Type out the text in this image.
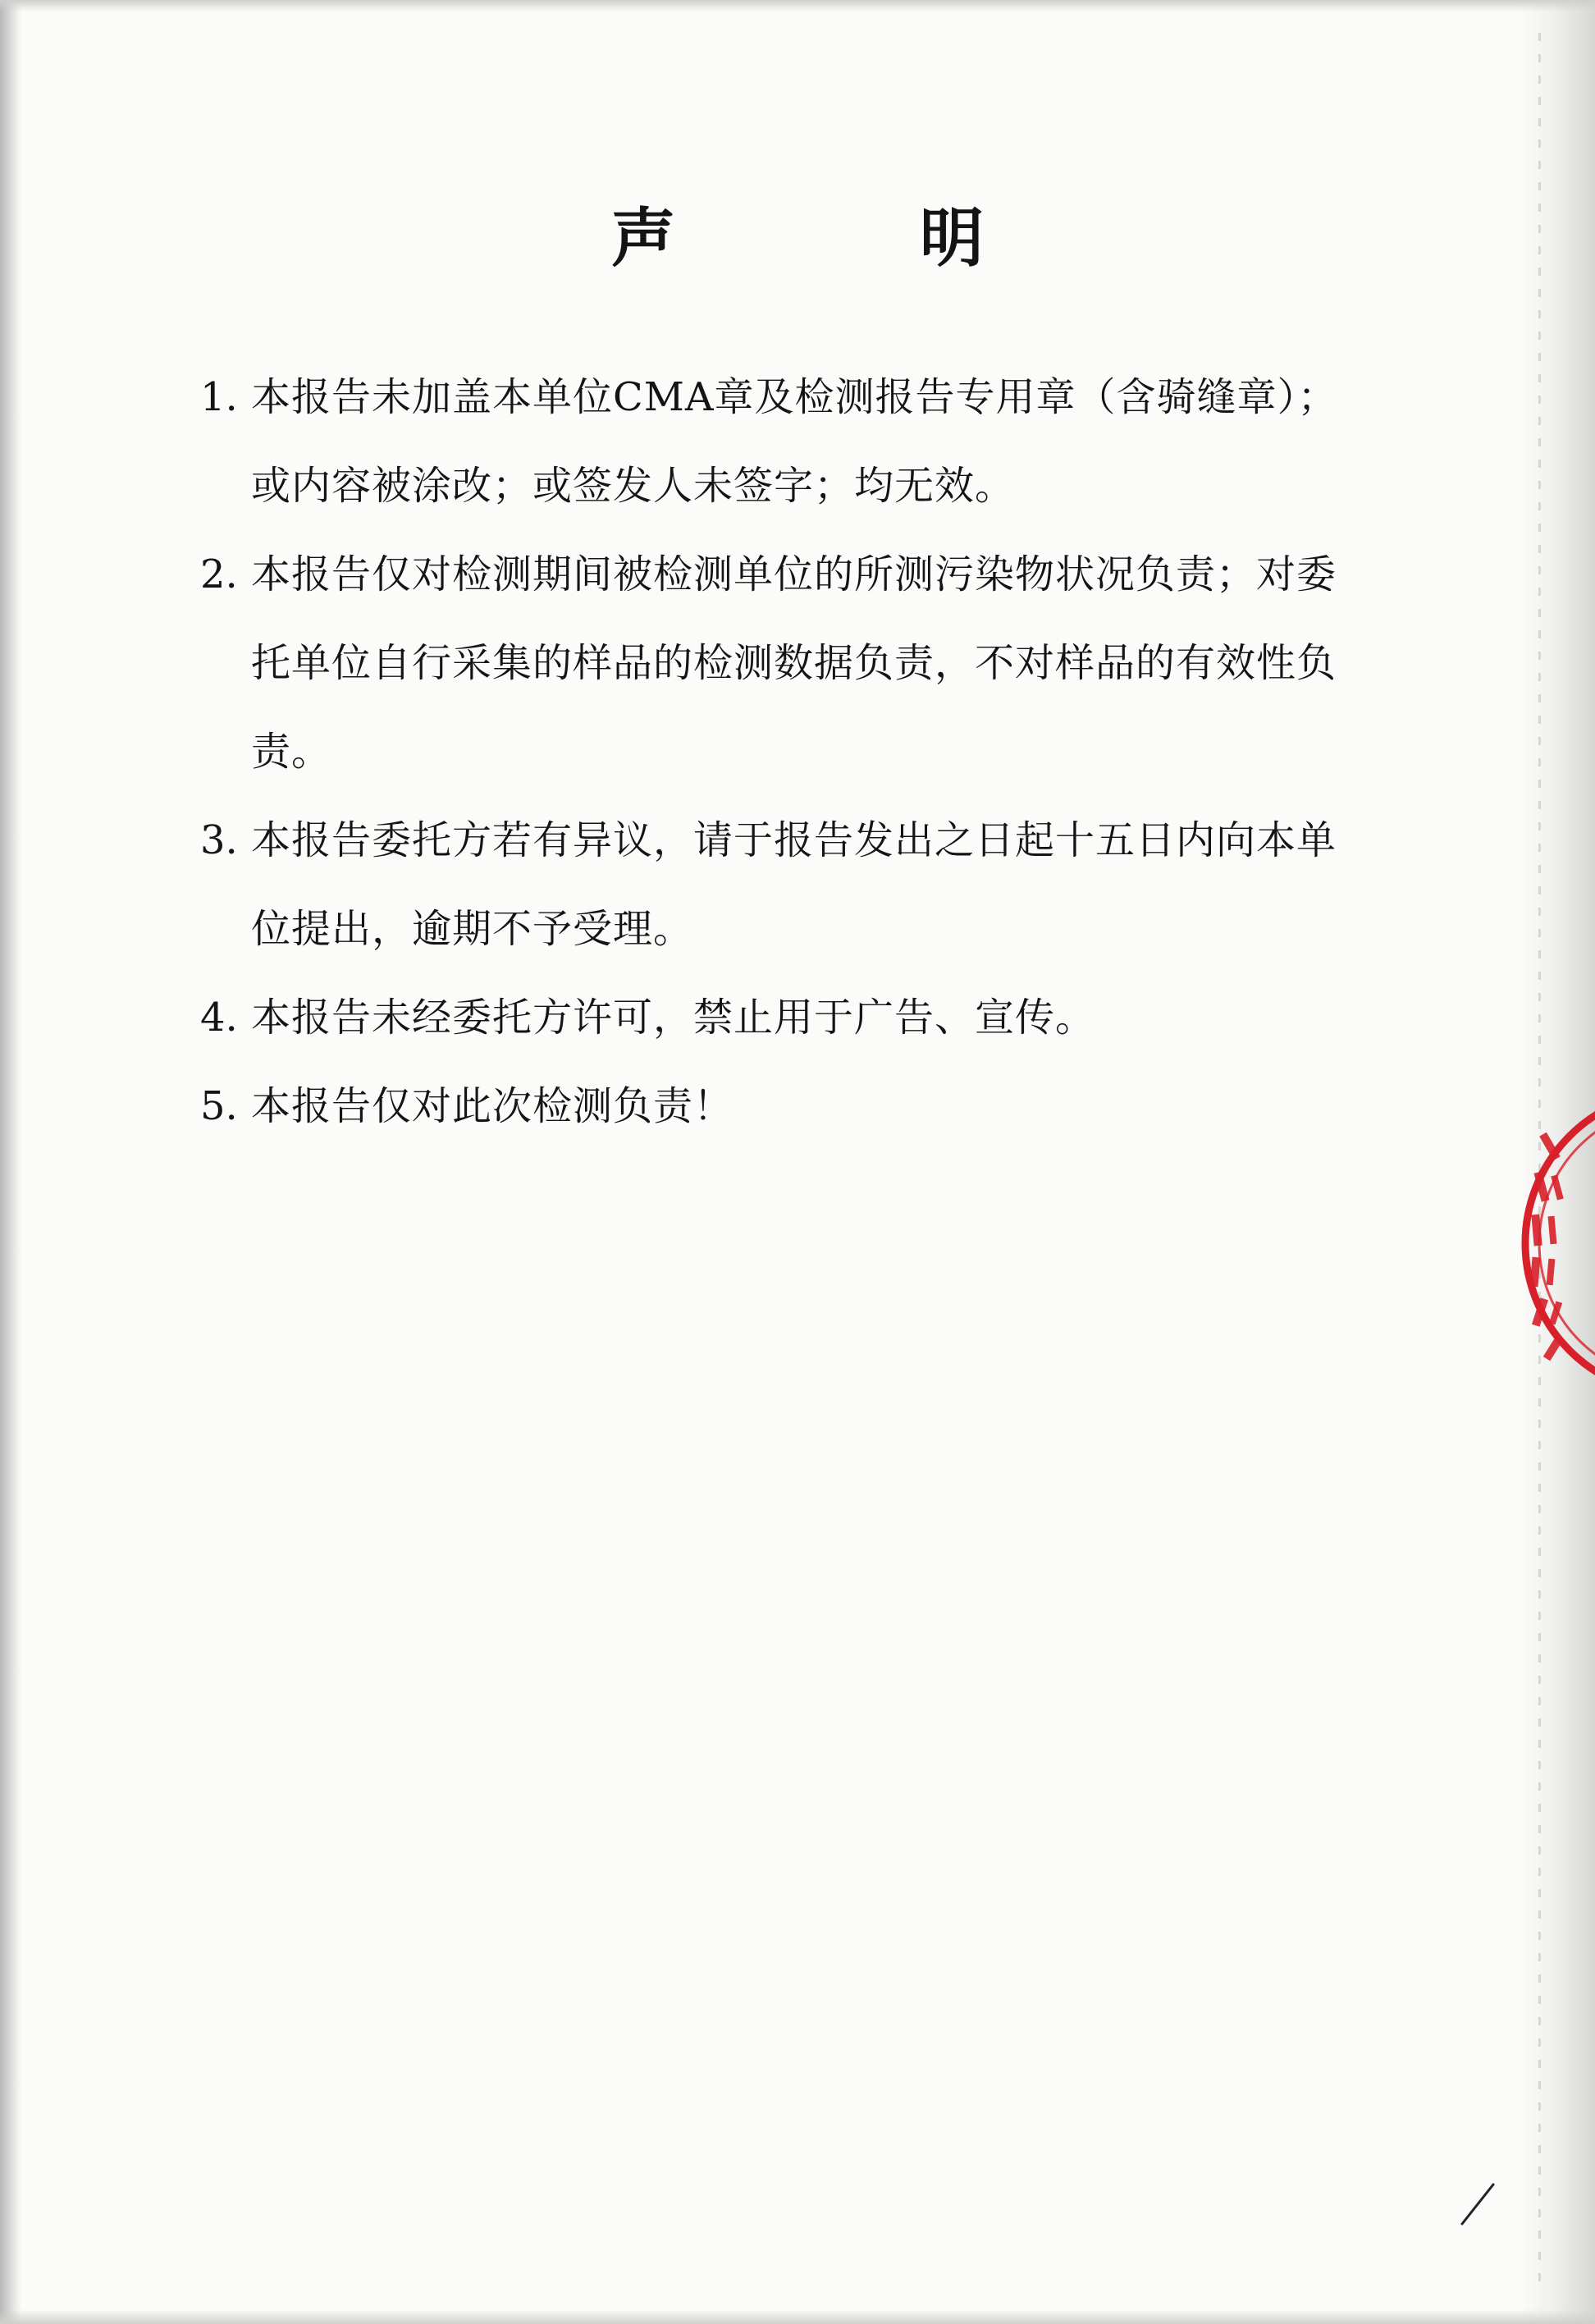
声　明
1. 本报告未加盖本单位CMA章及检测报告专用章（含骑缝章）；或内容被涂改；或签发人未签字；均无效。
2. 本报告仅对检测期间被检测单位的所测污染物状况负责；对委托单位自行采集的样品的检测数据负责，不对样品的有效性负责。
3. 本报告委托方若有异议，请于报告发出之日起十五日内向本单位提出，逾期不予受理。
4. 本报告未经委托方许可，禁止用于广告、宣传。
5. 本报告仅对此次检测负责！
